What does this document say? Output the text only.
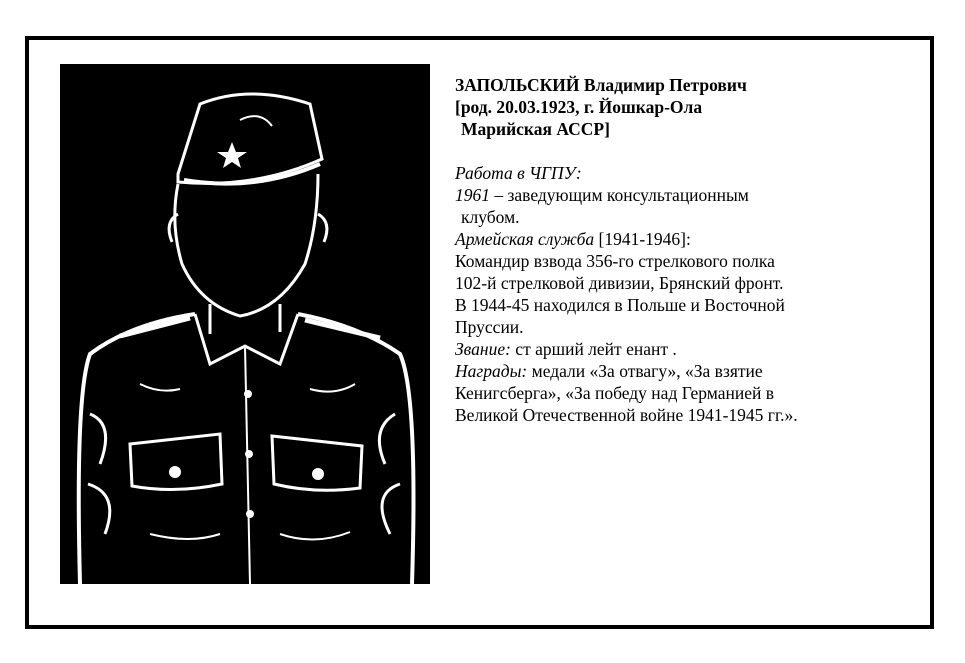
ЗАПОЛЬСКИЙ Владимир Петрович
[род. 20.03.1923, г. Йошкар-Ола
Марийская АССР]
Работа в ЧГПУ:
1961 – заведующим консультационным
клубом.
Армейская служба [1941-1946]:
Командир взвода 356-го стрелкового полка
102-й стрелковой дивизии, Брянский фронт.
В 1944-45 находился в Польше и Восточной
Пруссии.
Звание: ст арший лейт енант .
Награды: медали «За отвагу», «За взятие
Кенигсберга», «За победу над Германией в
Великой Отечественной войне 1941-1945 гг.».
